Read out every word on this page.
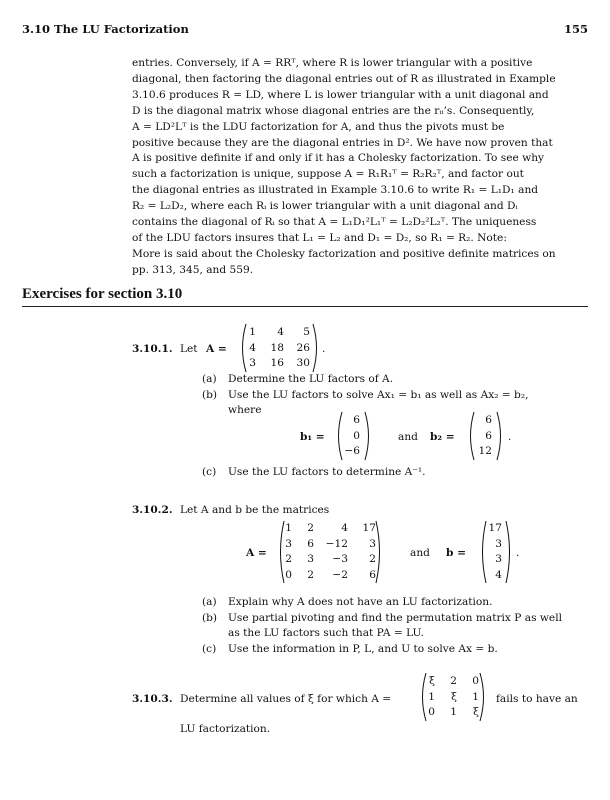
3.10 The LU Factorization	155
entries. Conversely, if A = RRᵀ, where R is lower triangular with a positive
diagonal, then factoring the diagonal entries out of R as illustrated in Example
3.10.6 produces R = LD, where L is lower triangular with a unit diagonal and
D is the diagonal matrix whose diagonal entries are the rᵢᵢ’s. Consequently,
A = LD²Lᵀ is the LDU factorization for A, and thus the pivots must be
positive because they are the diagonal entries in D². We have now proven that
A is positive definite if and only if it has a Cholesky factorization. To see why
such a factorization is unique, suppose A = R₁R₁ᵀ = R₂R₂ᵀ, and factor out
the diagonal entries as illustrated in Example 3.10.6 to write R₁ = L₁D₁ and
R₂ = L₂D₂, where each Rᵢ is lower triangular with a unit diagonal and Dᵢ
contains the diagonal of Rᵢ so that A = L₁D₁²L₁ᵀ = L₂D₂²L₂ᵀ. The uniqueness
of the LDU factors insures that L₁ = L₂ and D₁ = D₂, so R₁ = R₂. Note:
More is said about the Cholesky factorization and positive definite matrices on
pp. 313, 345, and 559.
Exercises for section 3.10
3.10.1. Let A =
1	4	5
4	18 26
3	16 30
.
(a) Determine the LU factors of A.
(b) Use the LU factors to solve Ax₁ = b₁ as well as Ax₂ = b₂,
where
b₁ =
6
0
−6
and b₂ =
6
6
12
.
(c) Use the LU factors to determine A⁻¹.
3.10.2. Let A and b be the matrices
A =
1	2	4	17
3	6 −12	3
2	3	−3	2
0	2	−2	6
and b =
17
3
3
4
.
(a) Explain why A does not have an LU factorization.
(b) Use partial pivoting and find the permutation matrix P as well
as the LU factors such that PA = LU.
(c) Use the information in P, L, and U to solve Ax = b.
3.10.3. Determine all values of ξ for which A =
ξ	2	0
1	ξ	1
0	1	ξ
fails to have an
LU factorization.
